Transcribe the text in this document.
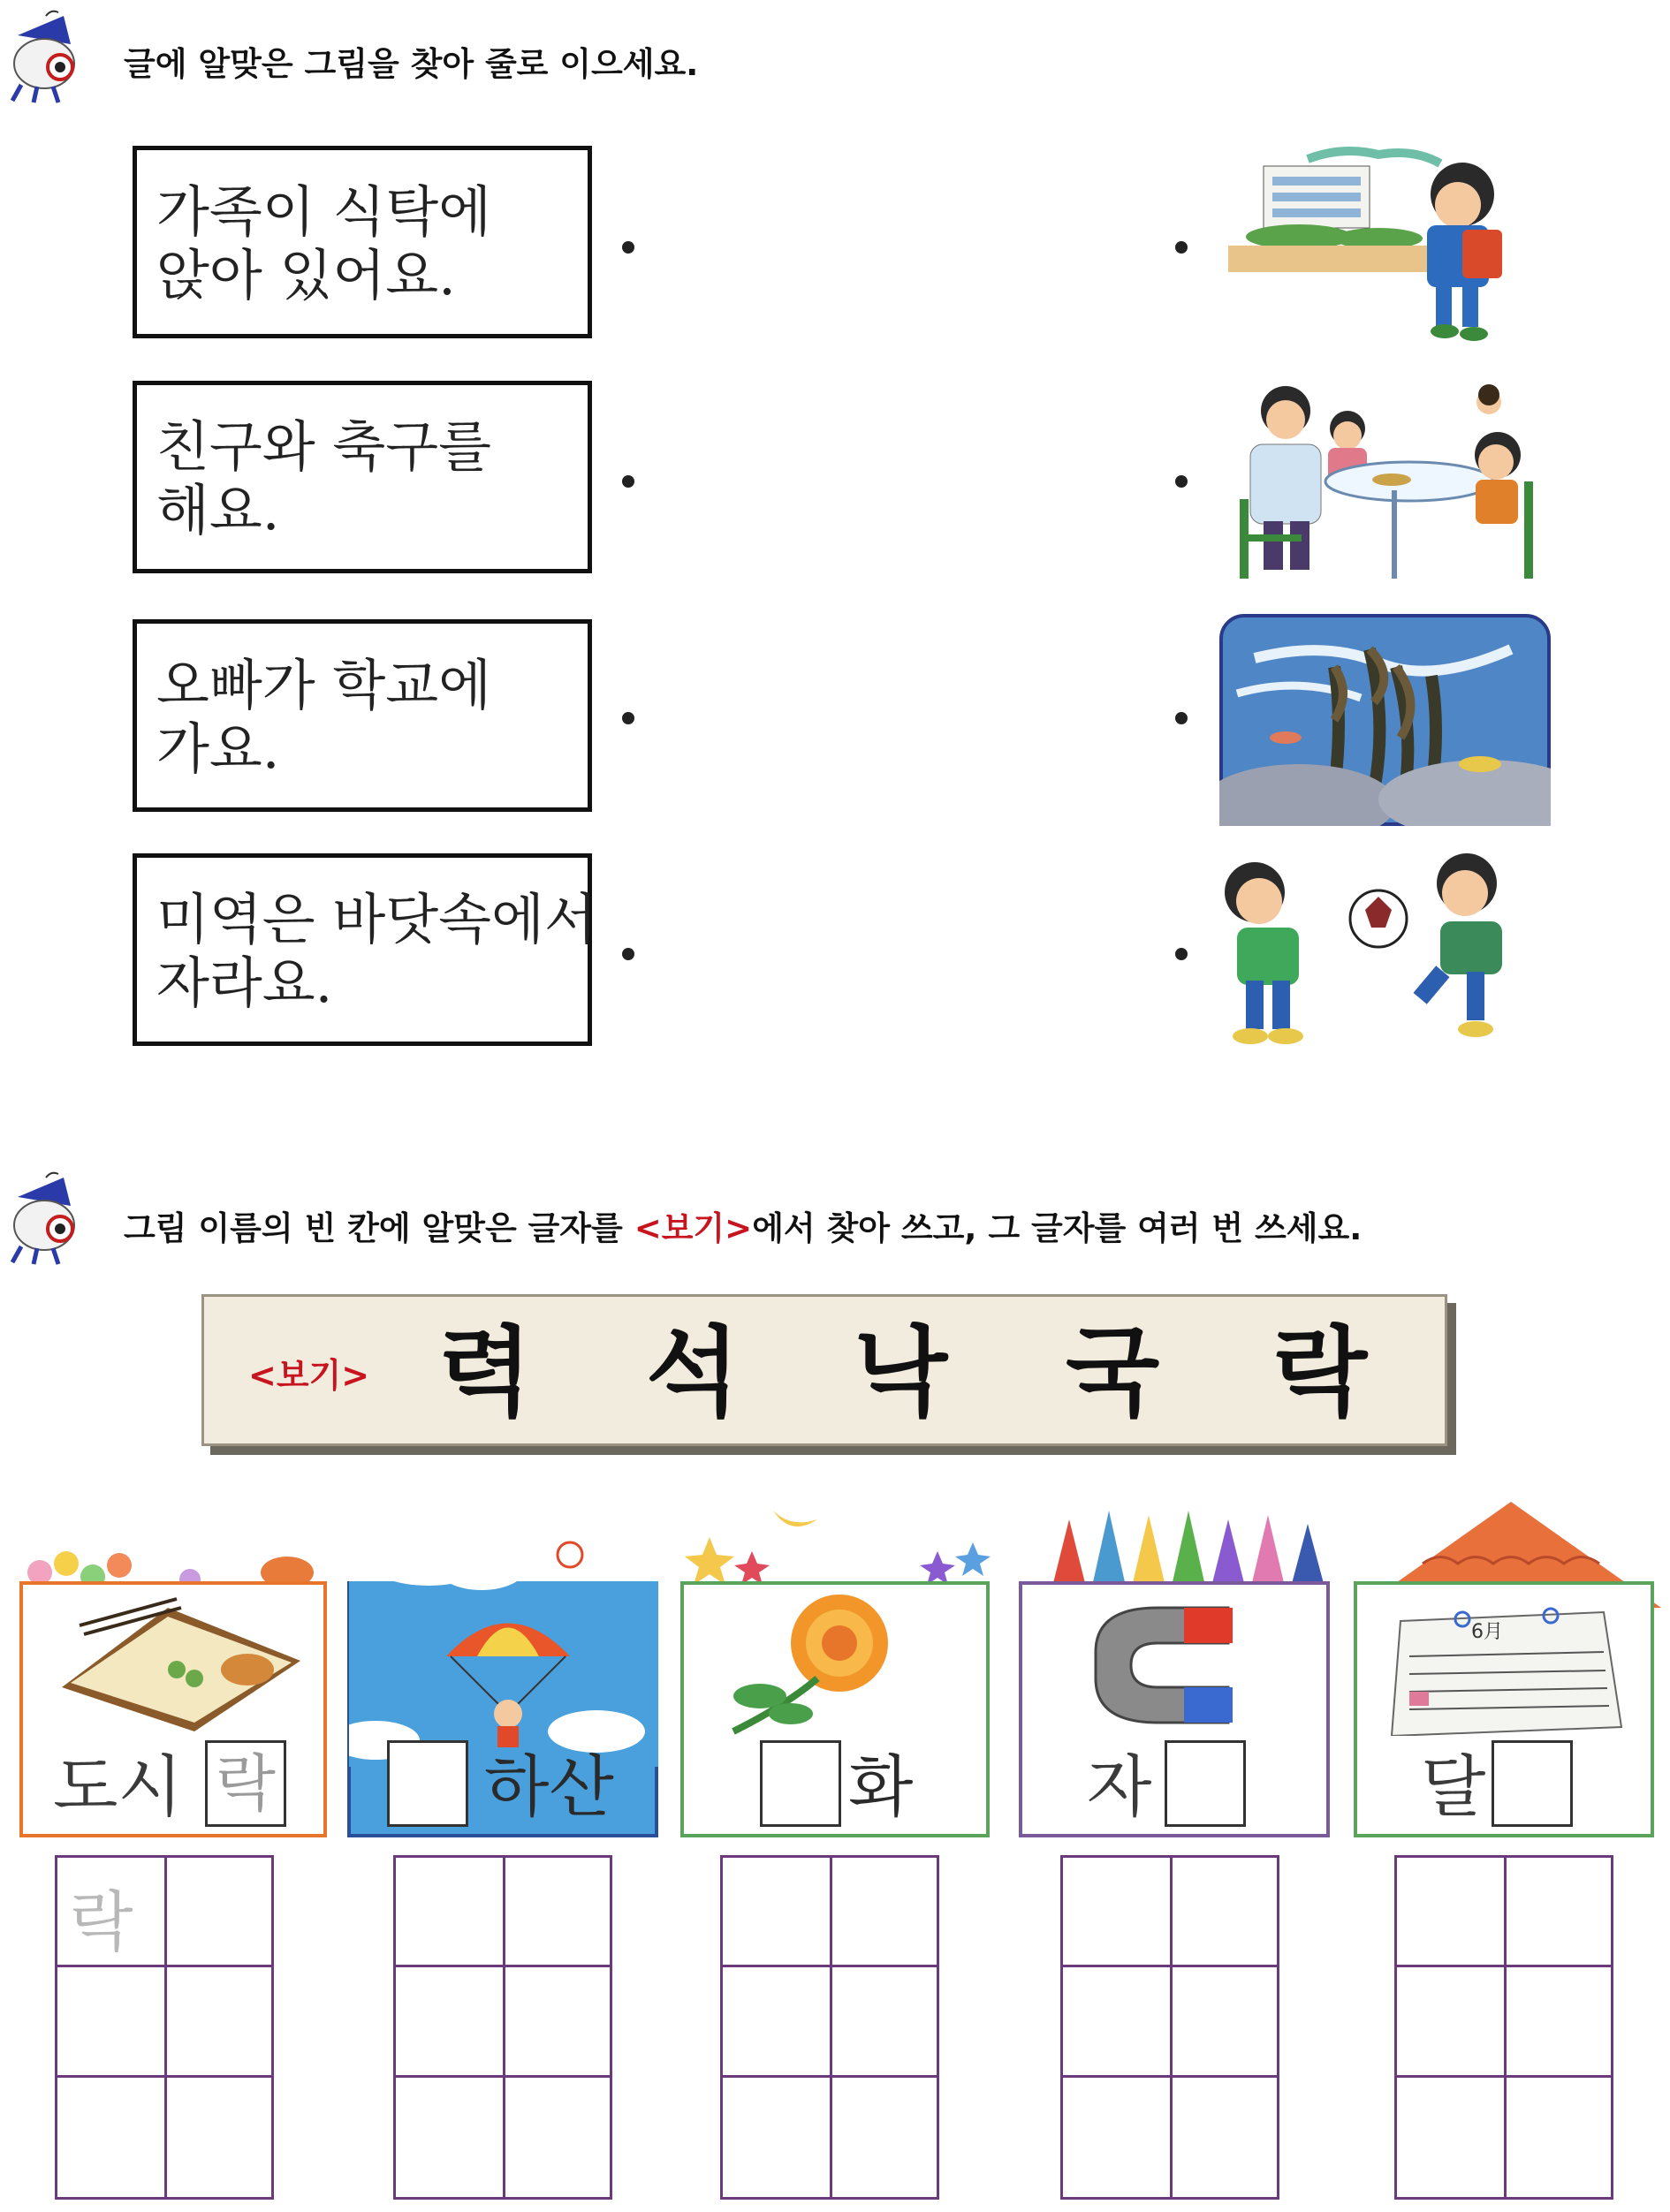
글에 알맞은 그림을 찾아 줄로 이으세요.
가족이 식탁에
앉아 있어요.
친구와 축구를
해요.
오빠가 학교에
가요.
미역은 바닷속에서
자라요.
그림 이름의 빈 칸에 알맞은 글자를 <보기>에서 찾아 쓰고, 그 글자를 여러 번 쓰세요.
<보기> 력 석 낙 국 락
도시 락	하산	화	자
6月
달
락
